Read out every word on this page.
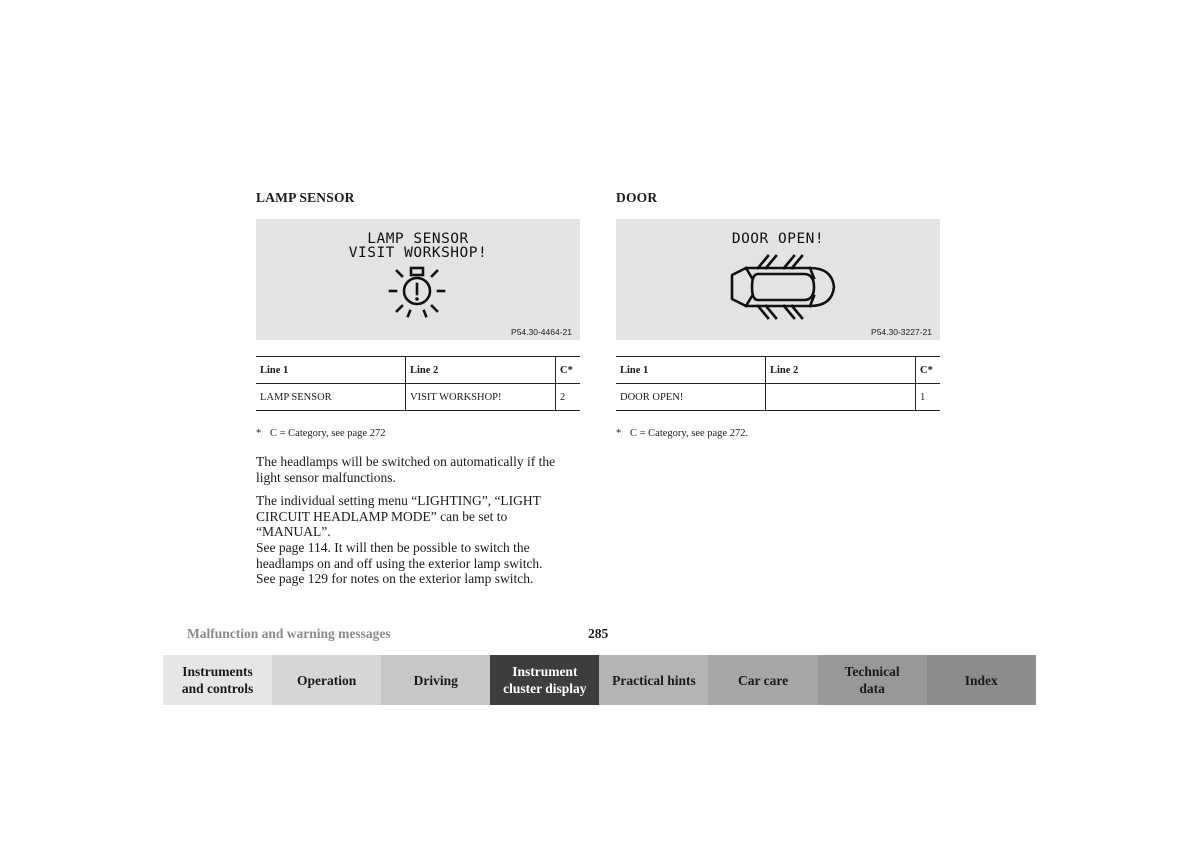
LAMP SENSOR
LAMP SENSOR
VISIT WORKSHOP!
P54.30-4464-21
Line 1	Line 2	C*
LAMP SENSOR	VISIT WORKSHOP!	2
* C = Category, see page 272

The headlamps will be switched on automatically if the
light sensor malfunctions.

The individual setting menu “LIGHTING”, “LIGHT
CIRCUIT HEADLAMP MODE” can be set to “MANUAL”.
See page 114. It will then be possible to switch the
headlamps on and off using the exterior lamp switch.
See page 129 for notes on the exterior lamp switch.

DOOR
DOOR OPEN!
P54.30-3227-21
Line 1	Line 2	C*
DOOR OPEN!		1
* C = Category, see page 272.
Malfunction and warning messages	285
Instruments
and controls
Operation	Driving
Instrument
cluster display
Practical hints	Car care
Technical
data
Index
